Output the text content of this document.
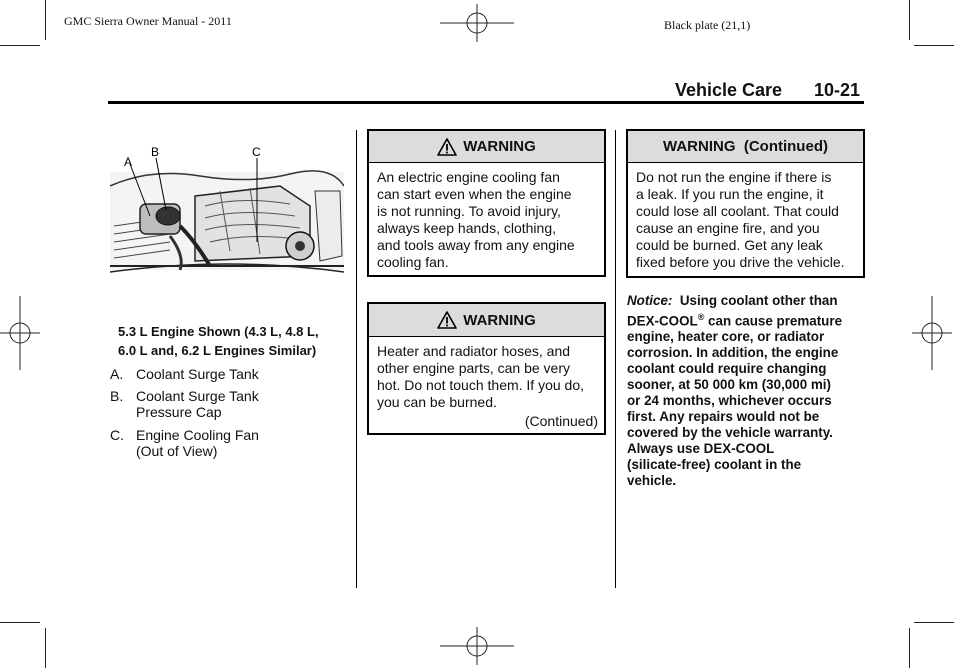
GMC Sierra Owner Manual - 2011	Black plate (21,1)
Vehicle Care 10-21
A
B	C
5.3 L Engine Shown (4.3 L, 4.8 L,
6.0 L and, 6.2 L Engines Similar)
A. Coolant Surge Tank
B. Coolant Surge Tank
Pressure Cap
C. Engine Cooling Fan
(Out of View)
WARNING
An electric engine cooling fan
can start even when the engine
is not running. To avoid injury,
always keep hands, clothing,
and tools away from any engine
cooling fan.
WARNING
Heater and radiator hoses, and
other engine parts, can be very
hot. Do not touch them. If you do,
you can be burned.
(Continued)
WARNING  (Continued)
Do not run the engine if there is
a leak. If you run the engine, it
could lose all coolant. That could
cause an engine fire, and you
could be burned. Get any leak
fixed before you drive the vehicle.
Notice: Using coolant other than
DEX-COOL® can cause premature
engine, heater core, or radiator
corrosion. In addition, the engine
coolant could require changing
sooner, at 50 000 km (30,000 mi)
or 24 months, whichever occurs
first. Any repairs would not be
covered by the vehicle warranty.
Always use DEX-COOL
(silicate-free) coolant in the
vehicle.
